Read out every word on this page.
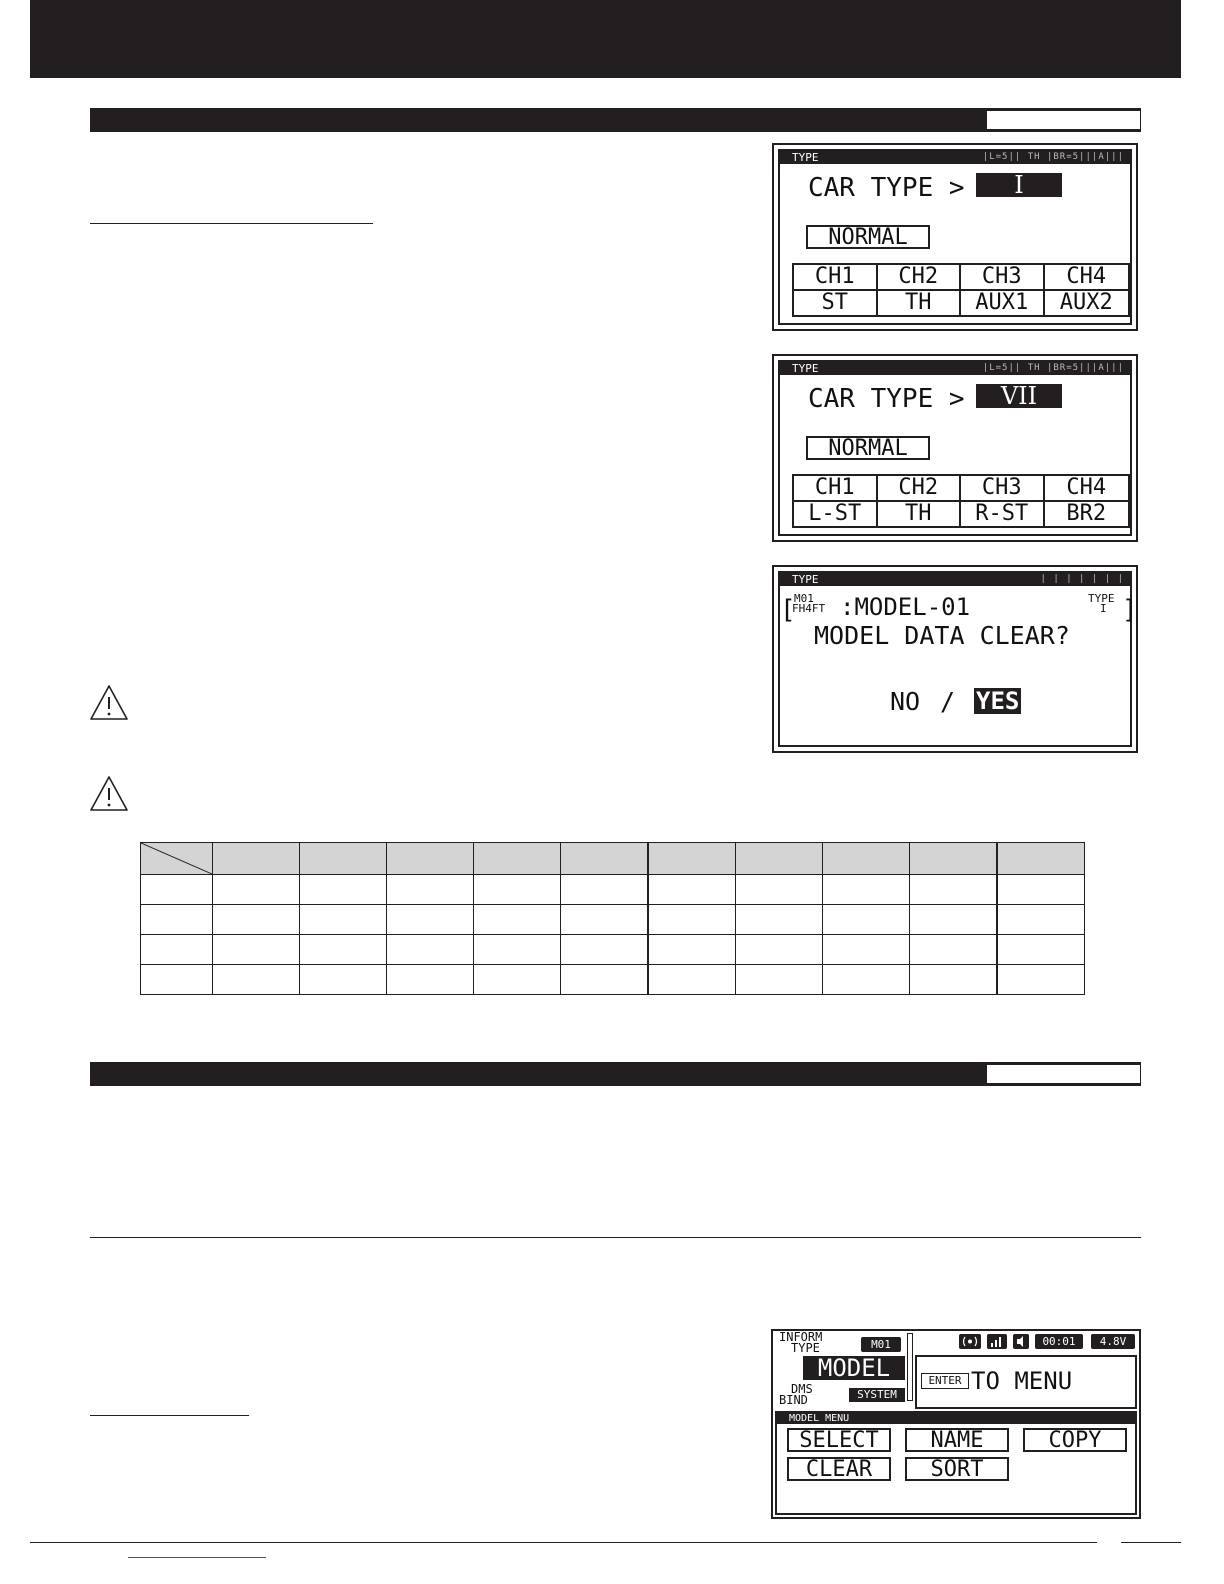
TYPE	|L=5|| TH |BR=5|||A|||
CAR TYPE >	I
NORMAL
CH1	CH2	CH3	CH4
ST	TH	AUX1	AUX2
TYPE	|L=5|| TH |BR=5|||A|||
CAR TYPE >	VII
NORMAL
CH1	CH2	CH3	CH4
L-ST	TH	R-ST	BR2
TYPE	| | | | | | |
[
M01
FH4FT :MODEL-01	TYPE
I ]
MODEL DATA CLEAR?
NO / YES

INFORM
TYPE	M01
MODEL
DMS
BIND	SYSTEM
00:01	4.8V
ENTER TO MENU
MODEL MENU
SELECT	NAME	COPY
CLEAR	SORT
